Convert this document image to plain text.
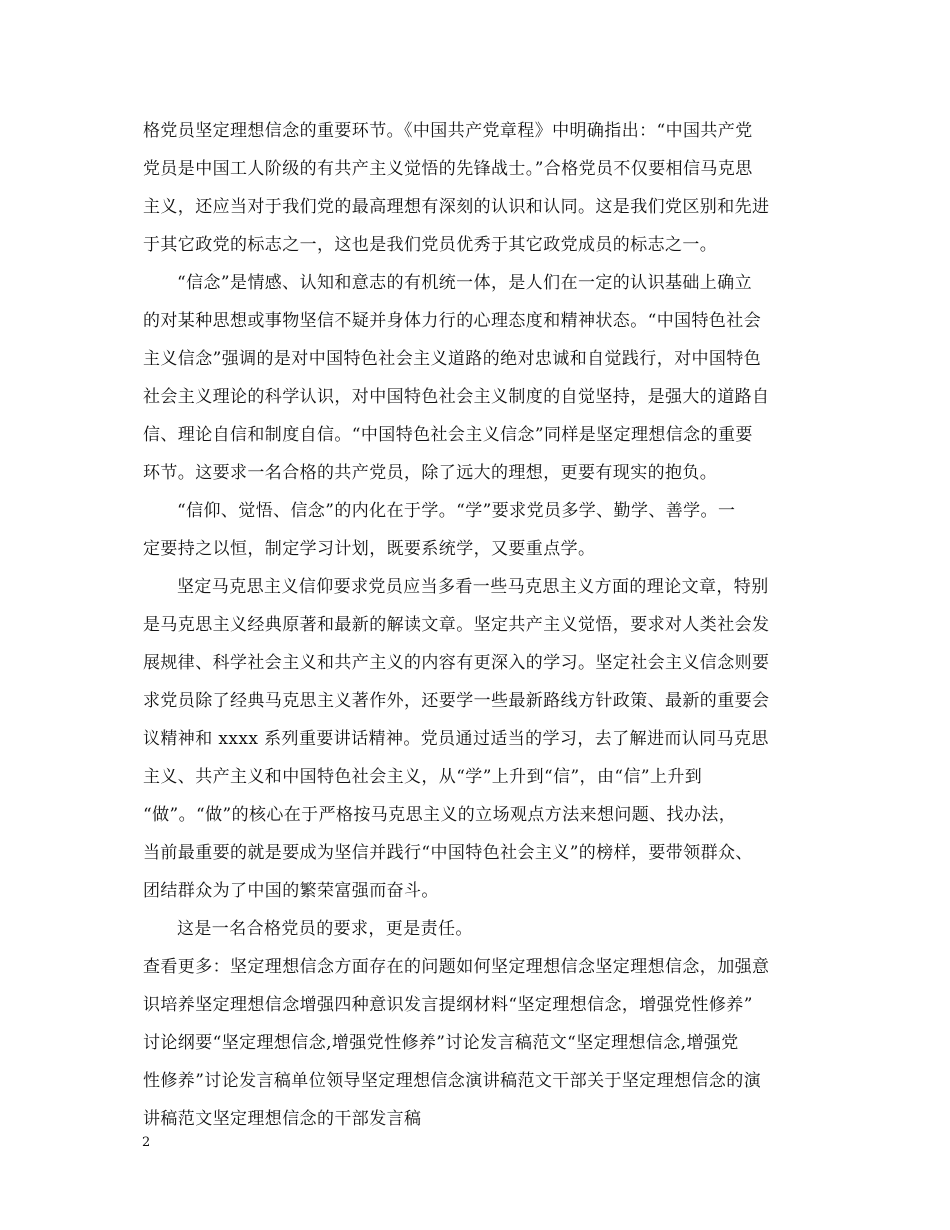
格党员坚定理想信念的重要环节。《中国共产党章程》中明确指出：“中国共产党
党员是中国工人阶级的有共产主义觉悟的先锋战士。”合格党员不仅要相信马克思
主义，还应当对于我们党的最高理想有深刻的认识和认同。这是我们党区别和先进
于其它政党的标志之一，这也是我们党员优秀于其它政党成员的标志之一。
“信念”是情感、认知和意志的有机统一体，是人们在一定的认识基础上确立
的对某种思想或事物坚信不疑并身体力行的心理态度和精神状态。“中国特色社会
主义信念”强调的是对中国特色社会主义道路的绝对忠诚和自觉践行，对中国特色
社会主义理论的科学认识，对中国特色社会主义制度的自觉坚持，是强大的道路自
信、理论自信和制度自信。“中国特色社会主义信念”同样是坚定理想信念的重要
环节。这要求一名合格的共产党员，除了远大的理想，更要有现实的抱负。
“信仰、觉悟、信念”的内化在于学。“学”要求党员多学、勤学、善学。一
定要持之以恒，制定学习计划，既要系统学，又要重点学。
坚定马克思主义信仰要求党员应当多看一些马克思主义方面的理论文章，特别
是马克思主义经典原著和最新的解读文章。坚定共产主义觉悟，要求对人类社会发
展规律、科学社会主义和共产主义的内容有更深入的学习。坚定社会主义信念则要
求党员除了经典马克思主义著作外，还要学一些最新路线方针政策、最新的重要会
议精神和 xxxx 系列重要讲话精神。党员通过适当的学习，去了解进而认同马克思
主义、共产主义和中国特色社会主义，从“学”上升到“信”，由“信”上升到
“做”。“做”的核心在于严格按马克思主义的立场观点方法来想问题、找办法，
当前最重要的就是要成为坚信并践行“中国特色社会主义”的榜样，要带领群众、
团结群众为了中国的繁荣富强而奋斗。
这是一名合格党员的要求，更是责任。
查看更多：坚定理想信念方面存在的问题如何坚定理想信念坚定理想信念，加强意
识培养坚定理想信念增强四种意识发言提纲材料“坚定理想信念，增强党性修养”
讨论纲要“坚定理想信念,增强党性修养”讨论发言稿范文“坚定理想信念,增强党
性修养”讨论发言稿单位领导坚定理想信念演讲稿范文干部关于坚定理想信念的演
讲稿范文坚定理想信念的干部发言稿
2
